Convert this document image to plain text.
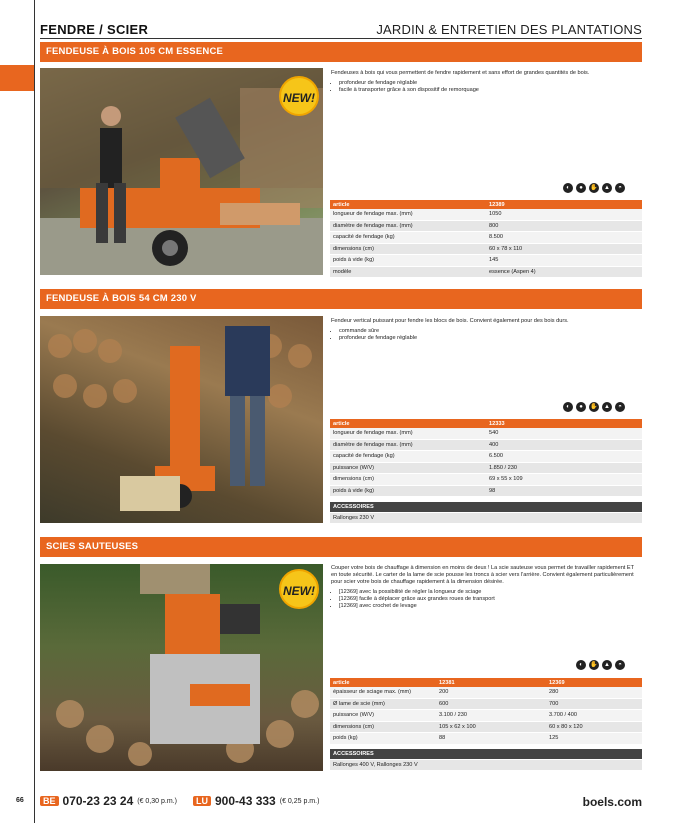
FENDRE / SCIER	JARDIN & ENTRETIEN DES PLANTATIONS
FENDEUSE À BOIS 105 CM ESSENCE
NEW!
Fendeuses à bois qui vous permettent de fendre rapidement et sans effort de grandes quantités de bois.
• profondeur de fendage réglable
• facile à transporter grâce à son dispositif de remorquage
◐	●	✋	▲	◓
article	12389
longueur de fendage max. (mm)	1050
diamètre de fendage max. (mm)	800
capacité de fendage (kg)	8.500
dimensions (cm)	60 x 78 x 110
poids à vide (kg)	145
modèle	essence (Aspen 4)
FENDEUSE À BOIS 54 CM 230 V
Fendeur vertical puissant pour fendre les blocs de bois. Convient également pour des bois durs.
• commande sûre
• profondeur de fendage réglable
◐	●	✋	▲	◓
article	12333
longueur de fendage max. (mm)	540
diamètre de fendage max. (mm)	400
capacité de fendage (kg)	6.500
puissance (W/V)	1.850 / 230
dimensions (cm)	69 x 55 x 109
poids à vide (kg)	98
ACCESSOIRES
Rallonges 230 V
SCIES SAUTEUSES
NEW!
Couper votre bois de chauffage à dimension en moins de deux ! La scie sauteuse vous permet de travailler rapidement ET en toute sécurité. Le carter de la lame de scie pousse les troncs à scier vers l'arrière. Convient également particulièrement pour scier votre bois de chauffage rapidement à la dimension désirée.
• [12369] avec la possibilité de régler la longueur de sciage
• [12369] facile à déplacer grâce aux grandes roues de transport
• [12369] avec crochet de levage
◐	✋	▲	◓
article	12381	12369
épaisseur de sciage max. (mm)	200	280
Ø lame de scie (mm)	600	700
puissance (W/V)	3.100 / 230	3.700 / 400
dimensions (cm)	105 x 62 x 100	60 x 80 x 120
poids (kg)	88	125
ACCESSOIRES
Rallonges 400 V, Rallonges 230 V
66	BE 070-23 23 24 (€ 0,30 p.m.)	LU 900-43 333 (€ 0,25 p.m.)	boels.com
